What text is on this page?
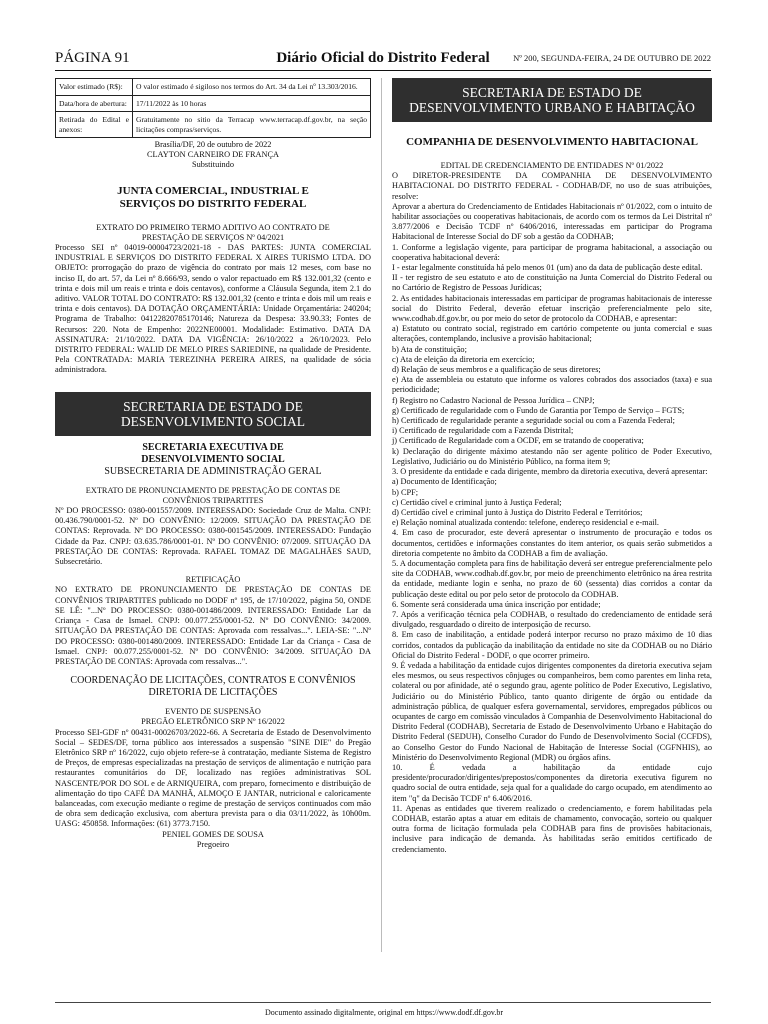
PÁGINA 91	Diário Oficial do Distrito Federal	Nº 200, SEGUNDA-FEIRA, 24 DE OUTUBRO DE 2022
Valor estimado (R$):	O valor estimado é sigiloso nos termos do Art. 34 da Lei nº 13.303/2016.
Data/hora de abertura:	17/11/2022 às 10 horas
Retirada do Edital e anexos:	Gratuitamente no sitio da Terracap www.terracap.df.gov.br, na seção licitações compras/serviços.

Brasília/DF, 20 de outubro de 2022

CLAYTON CARNEIRO DE FRANÇA

Substituindo

JUNTA COMERCIAL, INDUSTRIAL E SERVIÇOS DO DISTRITO FEDERAL

EXTRATO DO PRIMEIRO TERMO ADITIVO AO CONTRATO DE PRESTAÇÃO DE SERVIÇOS Nº 04/2021

Processo SEI nº 04019-00004723/2021-18 - DAS PARTES: JUNTA COMERCIAL INDUSTRIAL E SERVIÇOS DO DISTRITO FEDERAL X AIRES TURISMO LTDA. DO OBJETO: prorrogação do prazo de vigência do contrato por mais 12 meses, com base no inciso II, do art. 57, da Lei nº 8.666/93, sendo o valor repactuado em R$ 132.001,32 (cento e trinta e dois mil um reais e trinta e dois centavos), conforme a Cláusula Segunda, item 2.1 do aditivo. VALOR TOTAL DO CONTRATO: R$ 132.001,32 (cento e trinta e dois mil um reais e trinta e dois centavos). DA DOTAÇÃO ORÇAMENTÁRIA: Unidade Orçamentária: 240204; Programa de Trabalho: 04122820785170146; Natureza da Despesa: 33.90.33; Fontes de Recursos: 220. Nota de Empenho: 2022NE00001. Modalidade: Estimativo. DATA DA ASSINATURA: 21/10/2022. DATA DA VIGÊNCIA: 26/10/2022 a 26/10/2023. Pelo DISTRITO FEDERAL: WALID DE MELO PIRES SARIEDINE, na qualidade de Presidente. Pela CONTRATADA: MARIA TEREZINHA PEREIRA AIRES, na qualidade de sócia administradora.

SECRETARIA DE ESTADO DE DESENVOLVIMENTO SOCIAL
SECRETARIA EXECUTIVA DE DESENVOLVIMENTO SOCIAL
SUBSECRETARIA DE ADMINISTRAÇÃO GERAL

EXTRATO DE PRONUNCIAMENTO DE PRESTAÇÃO DE CONTAS DE CONVÊNIOS TRIPARTITES

Nº DO PROCESSO: 0380-001557/2009. INTERESSADO: Sociedade Cruz de Malta. CNPJ: 00.436.790/0001-52. Nº DO CONVÊNIO: 12/2009. SITUAÇÃO DA PRESTAÇÃO DE CONTAS: Reprovada. Nº DO PROCESSO: 0380-001545/2009. INTERESSADO: Fundação Cidade da Paz. CNPJ: 03.635.786/0001-01. Nº DO CONVÊNIO: 07/2009. SITUAÇÃO DA PRESTAÇÃO DE CONTAS: Reprovada. RAFAEL TOMAZ DE MAGALHÃES SAUD, Subsecretário.

RETIFICAÇÃO

NO EXTRATO DE PRONUNCIAMENTO DE PRESTAÇÃO DE CONTAS DE CONVÊNIOS TRIPARTITES publicado no DODF nº 195, de 17/10/2022, página 50, ONDE SE LÊ: "...Nº DO PROCESSO: 0380-001486/2009. INTERESSADO: Entidade Lar da Criança - Casa de Ismael. CNPJ: 00.077.255/0001-52. Nº DO CONVÊNIO: 34/2009. SITUAÇÃO DA PRESTAÇÃO DE CONTAS: Aprovada com ressalvas...". LEIA-SE: "...Nº DO PROCESSO: 0380-001480/2009. INTERESSADO: Entidade Lar da Criança - Casa de Ismael. CNPJ: 00.077.255/0001-52. Nº DO CONVÊNIO: 34/2009. SITUAÇÃO DA PRESTAÇÃO DE CONTAS: Aprovada com ressalvas...".

COORDENAÇÃO DE LICITAÇÕES, CONTRATOS E CONVÊNIOS DIRETORIA DE LICITAÇÕES

EVENTO DE SUSPENSÃO

PREGÃO ELETRÔNICO SRP Nº 16/2022

Processo SEI-GDF nº 00431-00026703/2022-66. A Secretaria de Estado de Desenvolvimento Social – SEDES/DF, torna público aos interessados a suspensão "SINE DIE" do Pregão Eletrônico SRP nº 16/2022, cujo objeto refere-se à contratação, mediante Sistema de Registro de Preços, de empresas especializadas na prestação de serviços de alimentação e nutrição para restaurantes comunitários do DF, localizado nas regiões administrativas SOL NASCENTE/POR DO SOL e de ARNIQUEIRA, com preparo, fornecimento e distribuição de alimentação do tipo CAFÉ DA MANHÃ, ALMOÇO E JANTAR, nutricional e caloricamente balanceadas, com execução mediante o regime de prestação de serviços continuados com mão de obra sem dedicação exclusiva, com abertura prevista para o dia 03/11/2022, às 10h00m. UASG: 450858. Informações: (61) 3773.7150.

PENIEL GOMES DE SOUSA

Pregoeiro

SECRETARIA DE ESTADO DE DESENVOLVIMENTO URBANO E HABITAÇÃO
COMPANHIA DE DESENVOLVIMENTO HABITACIONAL

EDITAL DE CREDENCIAMENTO DE ENTIDADES Nº 01/2022

O DIRETOR-PRESIDENTE DA COMPANHIA DE DESENVOLVIMENTO HABITACIONAL DO DISTRITO FEDERAL - CODHAB/DF, no uso de suas atribuições, resolve:

Aprovar a abertura do Credenciamento de Entidades Habitacionais nº 01/2022, com o intuito de habilitar associações ou cooperativas habitacionais, de acordo com os termos da Lei Distrital nº 3.877/2006 e Decisão TCDF nº 6406/2016, interessadas em participar do Programa Habitacional de Interesse Social do DF sob a gestão da CODHAB;

1. Conforme a legislação vigente, para participar de programa habitacional, a associação ou cooperativa habitacional deverá:

I - estar legalmente constituída há pelo menos 01 (um) ano da data de publicação deste edital.

II - ter registro de seu estatuto e ato de constituição na Junta Comercial do Distrito Federal ou no Cartório de Registro de Pessoas Jurídicas;

2. As entidades habitacionais interessadas em participar de programas habitacionais de interesse social do Distrito Federal, deverão efetuar inscrição preferencialmente pelo site, www.codhab.df.gov.br, ou por meio do setor de protocolo da CODHAB, e apresentar:

a) Estatuto ou contrato social, registrado em cartório competente ou junta comercial e suas alterações, contemplando, inclusive a provisão habitacional;

b) Ata de constituição;

c) Ata de eleição da diretoria em exercício;

d) Relação de seus membros e a qualificação de seus diretores;

e) Ata de assembleia ou estatuto que informe os valores cobrados dos associados (taxa) e sua periodicidade;

f) Registro no Cadastro Nacional de Pessoa Jurídica – CNPJ;

g) Certificado de regularidade com o Fundo de Garantia por Tempo de Serviço – FGTS;

h) Certificado de regularidade perante a seguridade social ou com a Fazenda Federal;

i) Certificado de regularidade com a Fazenda Distrital;

j) Certificado de Regularidade com a OCDF, em se tratando de cooperativa;

k) Declaração do dirigente máximo atestando não ser agente político de Poder Executivo, Legislativo, Judiciário ou do Ministério Público, na forma item 9;

3. O presidente da entidade e cada dirigente, membro da diretoria executiva, deverá apresentar:

a) Documento de Identificação;

b) CPF;

c) Certidão cível e criminal junto à Justiça Federal;

d) Certidão cível e criminal junto à Justiça do Distrito Federal e Territórios;

e) Relação nominal atualizada contendo: telefone, endereço residencial e e-mail.

4. Em caso de procurador, este deverá apresentar o instrumento de procuração e todos os documentos, certidões e informações constantes do item anterior, os quais serão submetidos a diretoria competente no âmbito da CODHAB a fim de avaliação.

5. A documentação completa para fins de habilitação deverá ser entregue preferencialmente pelo site da CODHAB, www.codhab.df.gov.br, por meio de preenchimento eletrônico na área restrita da entidade, mediante login e senha, no prazo de 60 (sessenta) dias corridos a contar da publicação deste edital ou por pelo setor de protocolo da CODHAB.

6. Somente será considerada uma única inscrição por entidade;

7. Após a verificação técnica pela CODHAB, o resultado do credenciamento de entidade será divulgado, resguardado o direito de interposição de recurso.

8. Em caso de inabilitação, a entidade poderá interpor recurso no prazo máximo de 10 dias corridos, contados da publicação da inabilitação da entidade no site da CODHAB ou no Diário Oficial do Distrito Federal - DODF, o que ocorrer primeiro.

9. É vedada a habilitação da entidade cujos dirigentes componentes da diretoria executiva sejam eles mesmos, ou seus respectivos cônjuges ou companheiros, bem como parentes em linha reta, colateral ou por afinidade, até o segundo grau, agente político de Poder Executivo, Legislativo, Judiciário ou do Ministério Público, tanto quanto dirigente de órgão ou entidade da administração pública, de qualquer esfera governamental, servidores, empregados públicos ou ocupantes de cargo em comissão vinculados à Companhia de Desenvolvimento Habitacional do Distrito Federal (CODHAB), Secretaria de Estado de Desenvolvimento Urbano e Habitação do Distrito Federal (SEDUH), Conselho Curador do Fundo de Desenvolvimento Social (CCFDS), ao Conselho Gestor do Fundo Nacional de Habitação de Interesse Social (CGFNHIS), ao Ministério do Desenvolvimento Regional (MDR) ou órgãos afins.

10. É vedada a habilitação da entidade cujo presidente/procurador/dirigentes/prepostos/componentes da diretoria executiva figurem no quadro social de outra entidade, seja qual for a qualidade do cargo ocupado, em atendimento ao item "q" da Decisão TCDF nº 6.406/2016.

11. Apenas as entidades que tiverem realizado o credenciamento, e forem habilitadas pela CODHAB, estarão aptas a atuar em editais de chamamento, convocação, sorteio ou qualquer outra forma de licitação formulada pela CODHAB para fins de provisões habitacionais, inclusive para indicação de demanda. Às habilitadas serão emitidos certificado de credenciamento.

Documento assinado digitalmente, original em https://www.dodf.df.gov.br
